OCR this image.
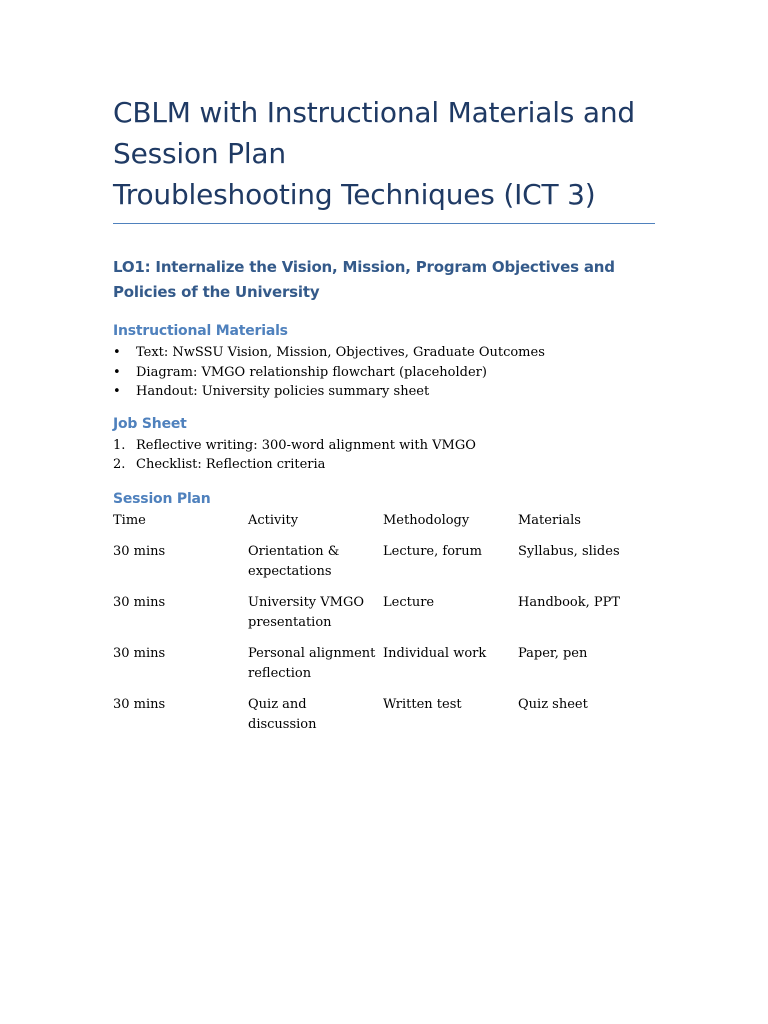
CBLM with Instructional Materials and
Session Plan
Troubleshooting Techniques (ICT 3)
LO1: Internalize the Vision, Mission, Program Objectives and Policies of the University
Instructional Materials
• Text: NwSSU Vision, Mission, Objectives, Graduate Outcomes
• Diagram: VMGO relationship flowchart (placeholder)
• Handout: University policies summary sheet
Job Sheet
1. Reflective writing: 300-word alignment with VMGO
2. Checklist: Reflection criteria
Session Plan
Time	Activity	Methodology	Materials

30 mins	Orientation & expectations	Lecture, forum	Syllabus, slides

30 mins	University VMGO presentation	Lecture	Handbook, PPT

30 mins	Personal alignment reflection	Individual work	Paper, pen

30 mins	Quiz and discussion	Written test	Quiz sheet
